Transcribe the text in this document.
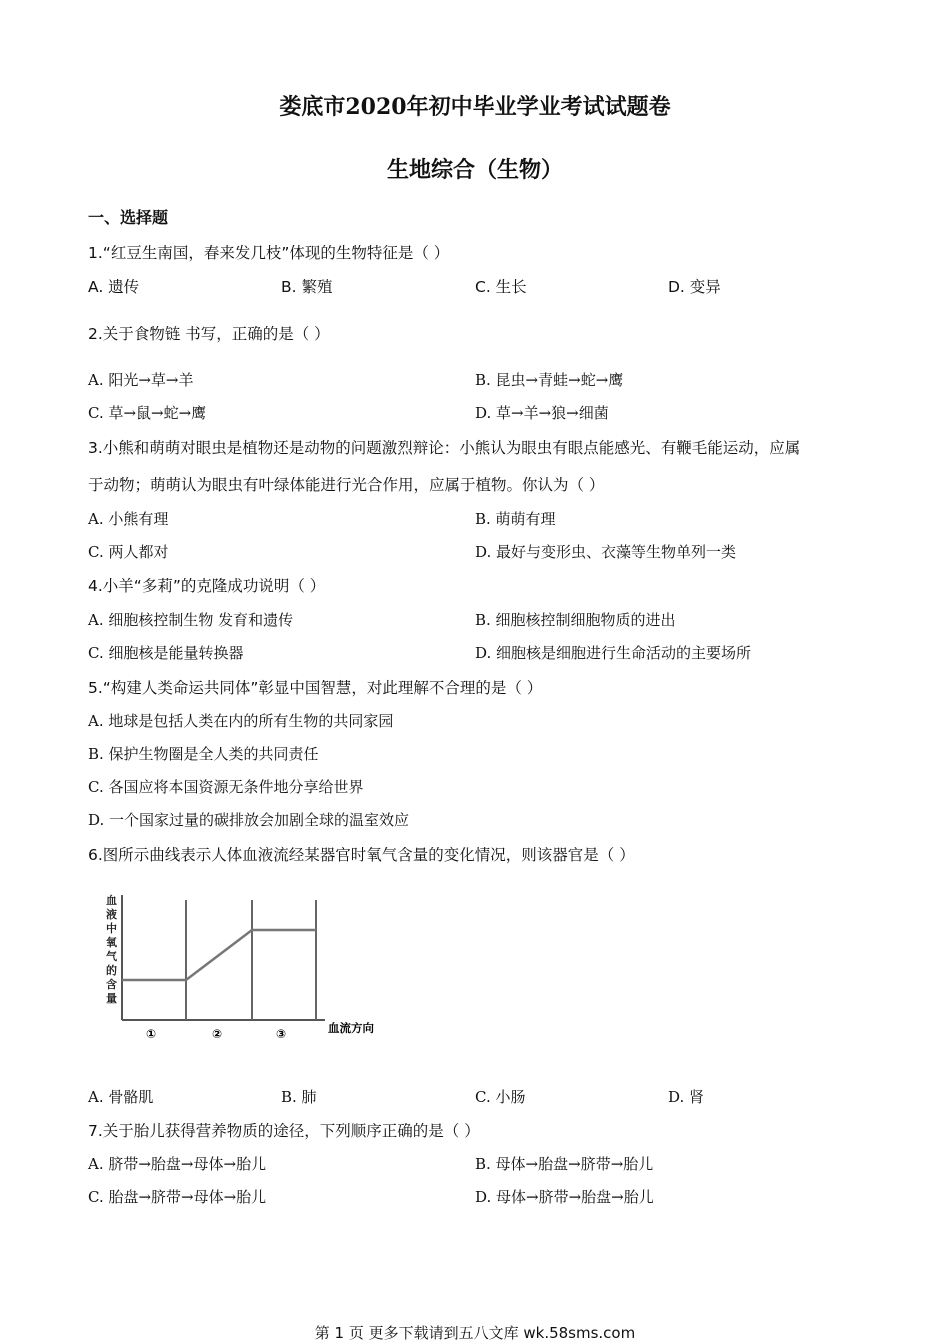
娄底市2020年初中毕业学业考试试题卷
生地综合（生物）
一、选择题
1.“红豆生南国，春来发几枝”体现的生物特征是（ ）
A. 遗传	B. 繁殖	C. 生长	D. 变异
2.关于食物链 书写，正确的是（ ）
A. 阳光→草→羊	B. 昆虫→青蛙→蛇→鹰
C. 草→鼠→蛇→鹰	D. 草→羊→狼→细菌
3.小熊和萌萌对眼虫是植物还是动物的问题激烈辩论：小熊认为眼虫有眼点能感光、有鞭毛能运动，应属
于动物；萌萌认为眼虫有叶绿体能进行光合作用，应属于植物。你认为（ ）
A. 小熊有理	B. 萌萌有理
C. 两人都对	D. 最好与变形虫、衣藻等生物单列一类
4.小羊“多莉”的克隆成功说明（ ）
A. 细胞核控制生物 发育和遗传	B. 细胞核控制细胞物质的进出
C. 细胞核是能量转换器	D. 细胞核是细胞进行生命活动的主要场所
5.“构建人类命运共同体”彰显中国智慧，对此理解不合理的是（ ）
A. 地球是包括人类在内的所有生物的共同家园
B. 保护生物圈是全人类的共同责任
C. 各国应将本国资源无条件地分享给世界
D. 一个国家过量的碳排放会加剧全球的温室效应
6.图所示曲线表示人体血液流经某器官时氧气含量的变化情况，则该器官是（ ）
血
液
中
氧
气
的
含
量
①	②	③	血流方向
A. 骨骼肌	B. 肺	C. 小肠	D. 肾
7.关于胎儿获得营养物质的途径，下列顺序正确的是（ ）
A. 脐带→胎盘→母体→胎儿	B. 母体→胎盘→脐带→胎儿
C. 胎盘→脐带→母体→胎儿	D. 母体→脐带→胎盘→胎儿
第 1 页 更多下载请到五八文库 wk.58sms.com
